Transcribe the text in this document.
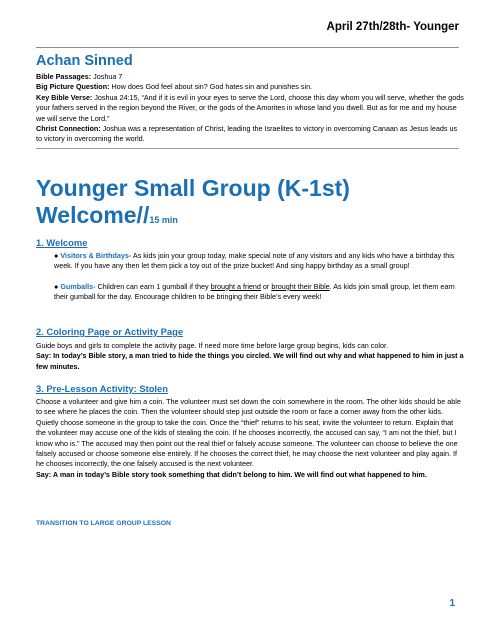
April 27th/28th- Younger
Achan Sinned

Bible Passages: Joshua 7

Big Picture Question: How does God feel about sin? God hates sin and punishes sin.

Key Bible Verse: Joshua 24:15, “And if it is evil in your eyes to serve the Lord, choose this day whom you will serve, whether the gods your fathers served in the region beyond the River, or the gods of the Amorites in whose land you dwell. But as for me and my house we will serve the Lord.”

Christ Connection: Joshua was a representation of Christ, leading the Israelites to victory in overcoming Canaan as Jesus leads us to victory in overcoming the world.

Younger Small Group (K-1st)
Welcome//15 min
1. Welcome

● Visitors & Birthdays- As kids join your group today, make special note of any visitors and any kids who have a birthday this week. If you have any then let them pick a toy out of the prize bucket! And sing happy birthday as a small group!

● Gumballs- Children can earn 1 gumball if they brought a friend or brought their Bible. As kids join small group, let them earn their gumball for the day. Encourage children to be bringing their Bible’s every week!

2. Coloring Page or Activity Page

Guide boys and girls to complete the activity page. If need more time before large group begins, kids can color.

Say: In today’s Bible story, a man tried to hide the things you circled. We will find out why and what happened to him in just a few minutes.

3. Pre-Lesson Activity: Stolen

Choose a volunteer and give him a coin. The volunteer must set down the coin somewhere in the room. The other kids should be able to see where he places the coin. Then the volunteer should step just outside the room or face a corner away from the other kids. Quietly choose someone in the group to take the coin. Once the “thief” returns to his seat, invite the volunteer to return. Explain that the volunteer may accuse one of the kids of stealing the coin. If he chooses incorrectly, the accused can say, “I am not the thief, but I know who is.” The accused may then point out the real thief or falsely accuse someone. The volunteer can choose to believe the one falsely accused or choose someone else entirely. If he chooses the correct thief, he may choose the next volunteer and play again. If he chooses incorrectly, the one falsely accused is the next volunteer.

Say: A man in today’s Bible story took something that didn’t belong to him. We will find out what happened to him.

TRANSITION TO LARGE GROUP LESSON
1
